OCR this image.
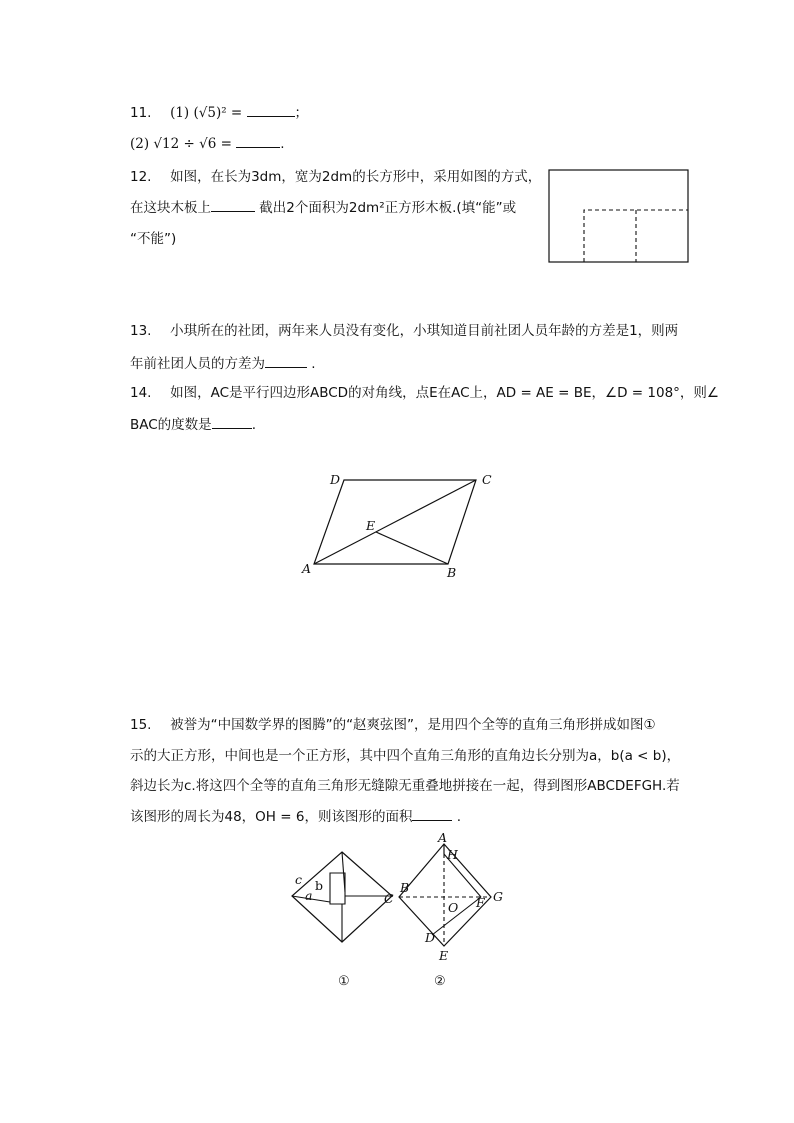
11. (1) (√5)² =	；
(2) √12 ÷ √6 =	.
12. 如图，在长为3dm，宽为2dm的长方形中，采用如图的方式，
在这块木板上	截出2个面积为2dm²正方形木板.(填“能”或
“不能”)
13. 小琪所在的社团，两年来人员没有变化，小琪知道目前社团人员年龄的方差是1，则两
年前社团人员的方差为	.
14. 如图，AC是平行四边形ABCD的对角线，点E在AC上，AD = AE = BE，∠D = 108°，则∠
BAC的度数是	.
D	C
E
A	B
15. 被誉为“中国数学界的图腾”的“赵爽弦图”，是用四个全等的直角三角形拼成如图①
示的大正方形，中间也是一个正方形，其中四个直角三角形的直角边长分别为a，b(a < b)，
斜边长为c.将这四个全等的直角三角形无缝隙无重叠地拼接在一起，得到图形ABCDEFGH.若
该图形的周长为48，OH = 6，则该图形的面积	.
c b
a	C
①
A
H
B
G
O F
D
E
②
